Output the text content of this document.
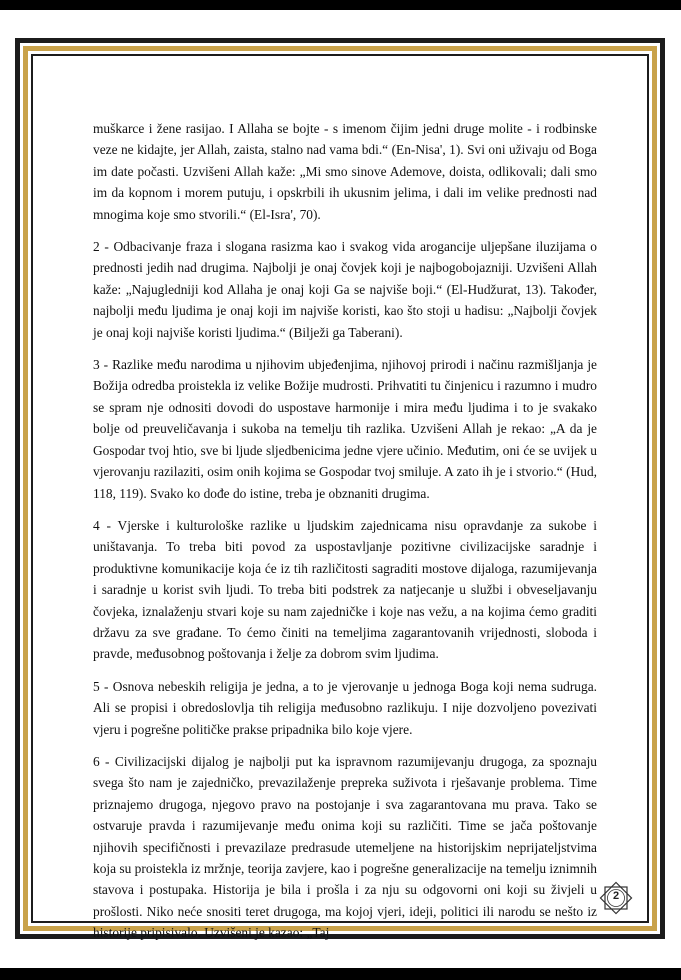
muškarce i žene rasijao. I Allaha se bojte - s imenom čijim jedni druge molite - i rodbinske veze ne kidajte, jer Allah, zaista, stalno nad vama bdi.“ (En-Nisa', 1). Svi oni uživaju od Boga im date počasti. Uzvišeni Allah kaže: „Mi smo sinove Ademove, doista, odlikovali; dali smo im da kopnom i morem putuju, i opskrbili ih ukusnim jelima, i dali im velike prednosti nad mnogima koje smo stvorili.“ (El-Isra', 70).

2 - Odbacivanje fraza i slogana rasizma kao i svakog vida arogancije uljepšane iluzijama o prednosti jedih nad drugima. Najbolji je onaj čovjek koji je najbogobojazniji. Uzvišeni Allah kaže: „Najugledniji kod Allaha je onaj koji Ga se najviše boji.“ (El-Hudžurat, 13). Također, najbolji među ljudima je onaj koji im najviše koristi, kao što stoji u hadisu: „Najbolji čovjek je onaj koji najviše koristi ljudima.“ (Bilježi ga Taberani).

3 - Razlike među narodima u njihovim ubjeđenjima, njihovoj prirodi i načinu razmišljanja je Božija odredba proistekla iz velike Božije mudrosti. Prihvatiti tu činjenicu i razumno i mudro se spram nje odnositi dovodi do uspostave harmonije i mira među ljudima i to je svakako bolje od preuveličavanja i sukoba na temelju tih razlika. Uzvišeni Allah je rekao: „A da je Gospodar tvoj htio, sve bi ljude sljedbenicima jedne vjere učinio. Međutim, oni će se uvijek u vjerovanju razilaziti, osim onih kojima se Gospodar tvoj smiluje. A zato ih je i stvorio.“ (Hud, 118, 119). Svako ko dođe do istine, treba je obznaniti drugima.

4 - Vjerske i kulturološke razlike u ljudskim zajednicama nisu opravdanje za sukobe i uništavanja. To treba biti povod za uspostavljanje pozitivne civilizacijske saradnje i produktivne komunikacije koja će iz tih različitosti sagraditi mostove dijaloga, razumijevanja i saradnje u korist svih ljudi. To treba biti podstrek za natjecanje u službi i obveseljavanju čovjeka, iznalaženju stvari koje su nam zajedničke i koje nas vežu, a na kojima ćemo graditi državu za sve građane. To ćemo činiti na temeljima zagarantovanih vrijednosti, sloboda i pravde, međusobnog poštovanja i želje za dobrom svim ljudima.

5 - Osnova nebeskih religija je jedna, a to je vjerovanje u jednoga Boga koji nema sudruga. Ali se propisi i obredoslovlja tih religija međusobno razlikuju. I nije dozvoljeno povezivati vjeru i pogrešne političke prakse pripadnika bilo koje vjere.

6 - Civilizacijski dijalog je najbolji put ka ispravnom razumijevanju drugoga, za spoznaju svega što nam je zajedničko, prevazilaženje prepreka suživota i rješavanje problema. Time priznajemo drugoga, njegovo pravo na postojanje i sva zagarantovana mu prava. Tako se ostvaruje pravda i razumijevanje među onima koji su različiti. Time se jača poštovanje njihovih specifičnosti i prevazilaze predrasude utemeljene na historijskim neprijateljstvima koja su proistekla iz mržnje, teorija zavjere, kao i pogrešne generalizacije na temelju iznimnih stavova i postupaka. Historija je bila i prošla i za nju su odgovorni oni koji su živjeli u prošlosti. Niko neće snositi teret drugoga, ma kojoj vjeri, ideji, politici ili narodu se nešto iz historije pripisivalo. Uzvišeni je kazao: „Taj

2
